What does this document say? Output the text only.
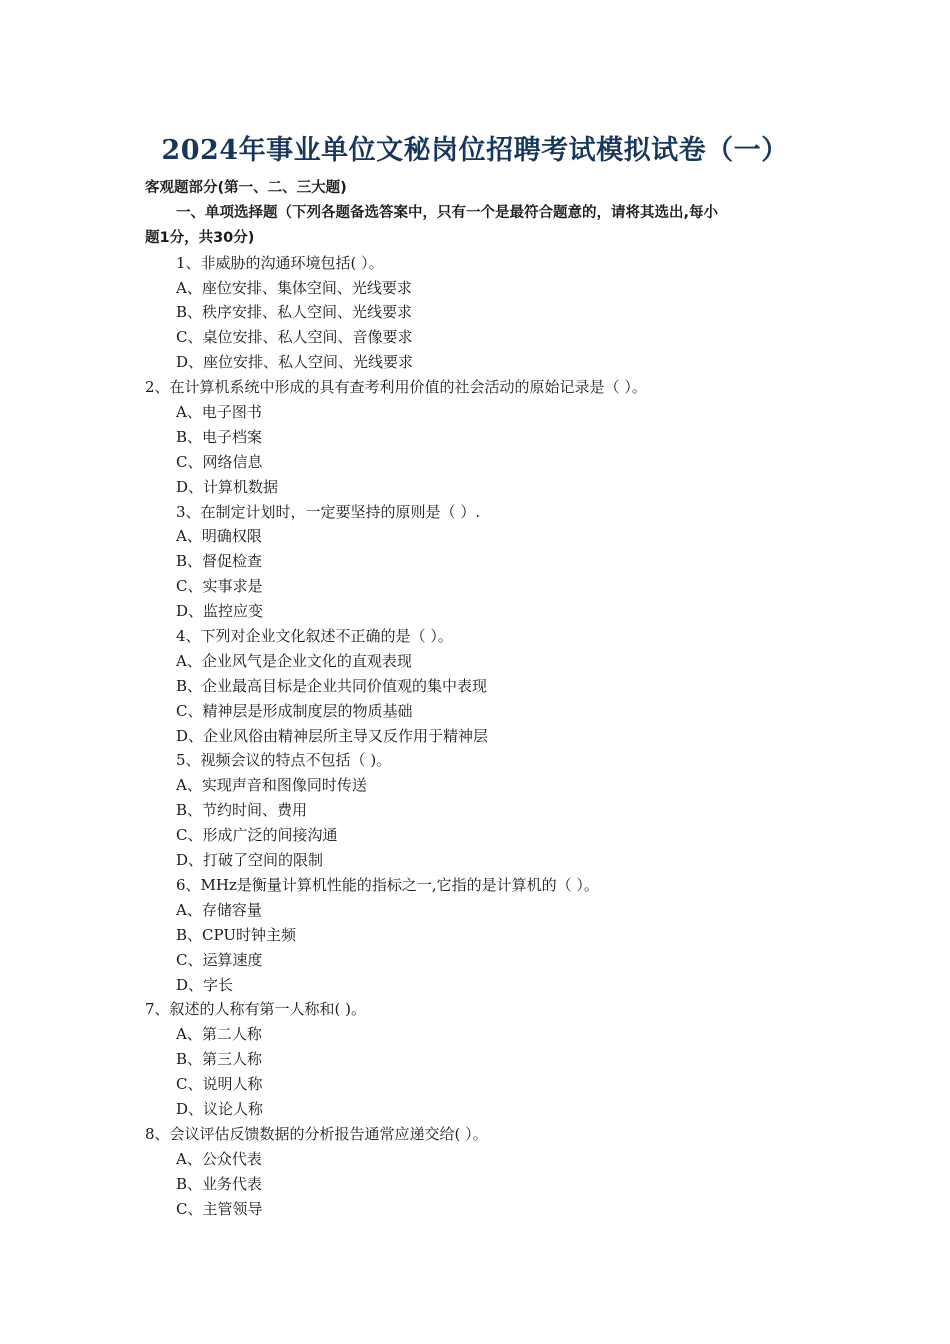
2024年事业单位文秘岗位招聘考试模拟试卷（一）
客观题部分(第一、二、三大题)
一、单项选择题（下列各题备选答案中，只有一个是最符合题意的，请将其选出,每小
题1分，共30分)
1、非威胁的沟通环境包括( ）。
A、座位安排、集体空间、光线要求
B、秩序安排、私人空间、光线要求
C、桌位安排、私人空间、音像要求
D、座位安排、私人空间、光线要求
2、在计算机系统中形成的具有查考利用价值的社会活动的原始记录是（ ）。
A、电子图书
B、电子档案
C、网络信息
D、计算机数据
3、在制定计划时，一定要坚持的原则是（ ）.
A、明确权限
B、督促检查
C、实事求是
D、监控应变
4、下列对企业文化叙述不正确的是（ ）。
A、企业风气是企业文化的直观表现
B、企业最高目标是企业共同价值观的集中表现
C、精神层是形成制度层的物质基础
D、企业风俗由精神层所主导又反作用于精神层
5、视频会议的特点不包括（ )。
A、实现声音和图像同时传送
B、节约时间、费用
C、形成广泛的间接沟通
D、打破了空间的限制
6、MHz是衡量计算机性能的指标之一,它指的是计算机的（ ）。
A、存储容量
B、CPU时钟主频
C、运算速度
D、字长
7、叙述的人称有第一人称和( )。
A、第二人称
B、第三人称
C、说明人称
D、议论人称
8、会议评估反馈数据的分析报告通常应递交给( ）。
A、公众代表
B、业务代表
C、主管领导
